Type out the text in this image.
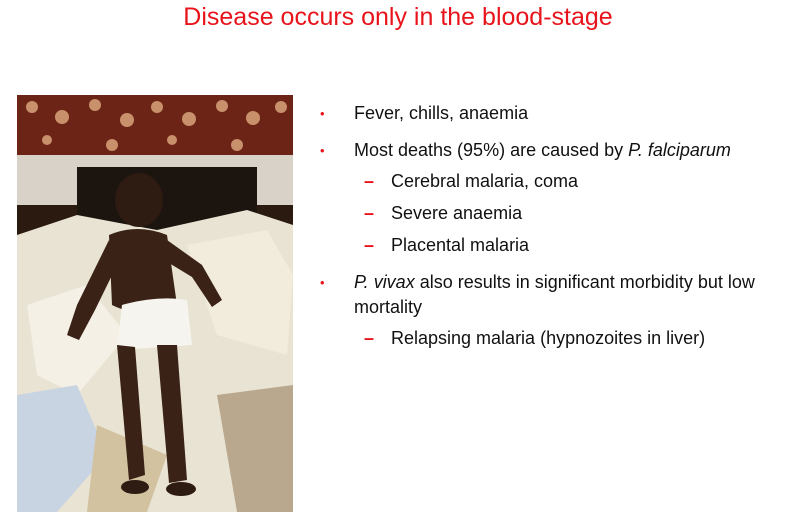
Disease occurs only in the blood-stage
•	Fever, chills, anaemia
•	Most deaths (95%) are caused by P. falciparum
– Cerebral malaria, coma
– Severe anaemia
– Placental malaria
•	P. vivax also results in significant morbidity but low mortality
– Relapsing malaria (hypnozoites in liver)
